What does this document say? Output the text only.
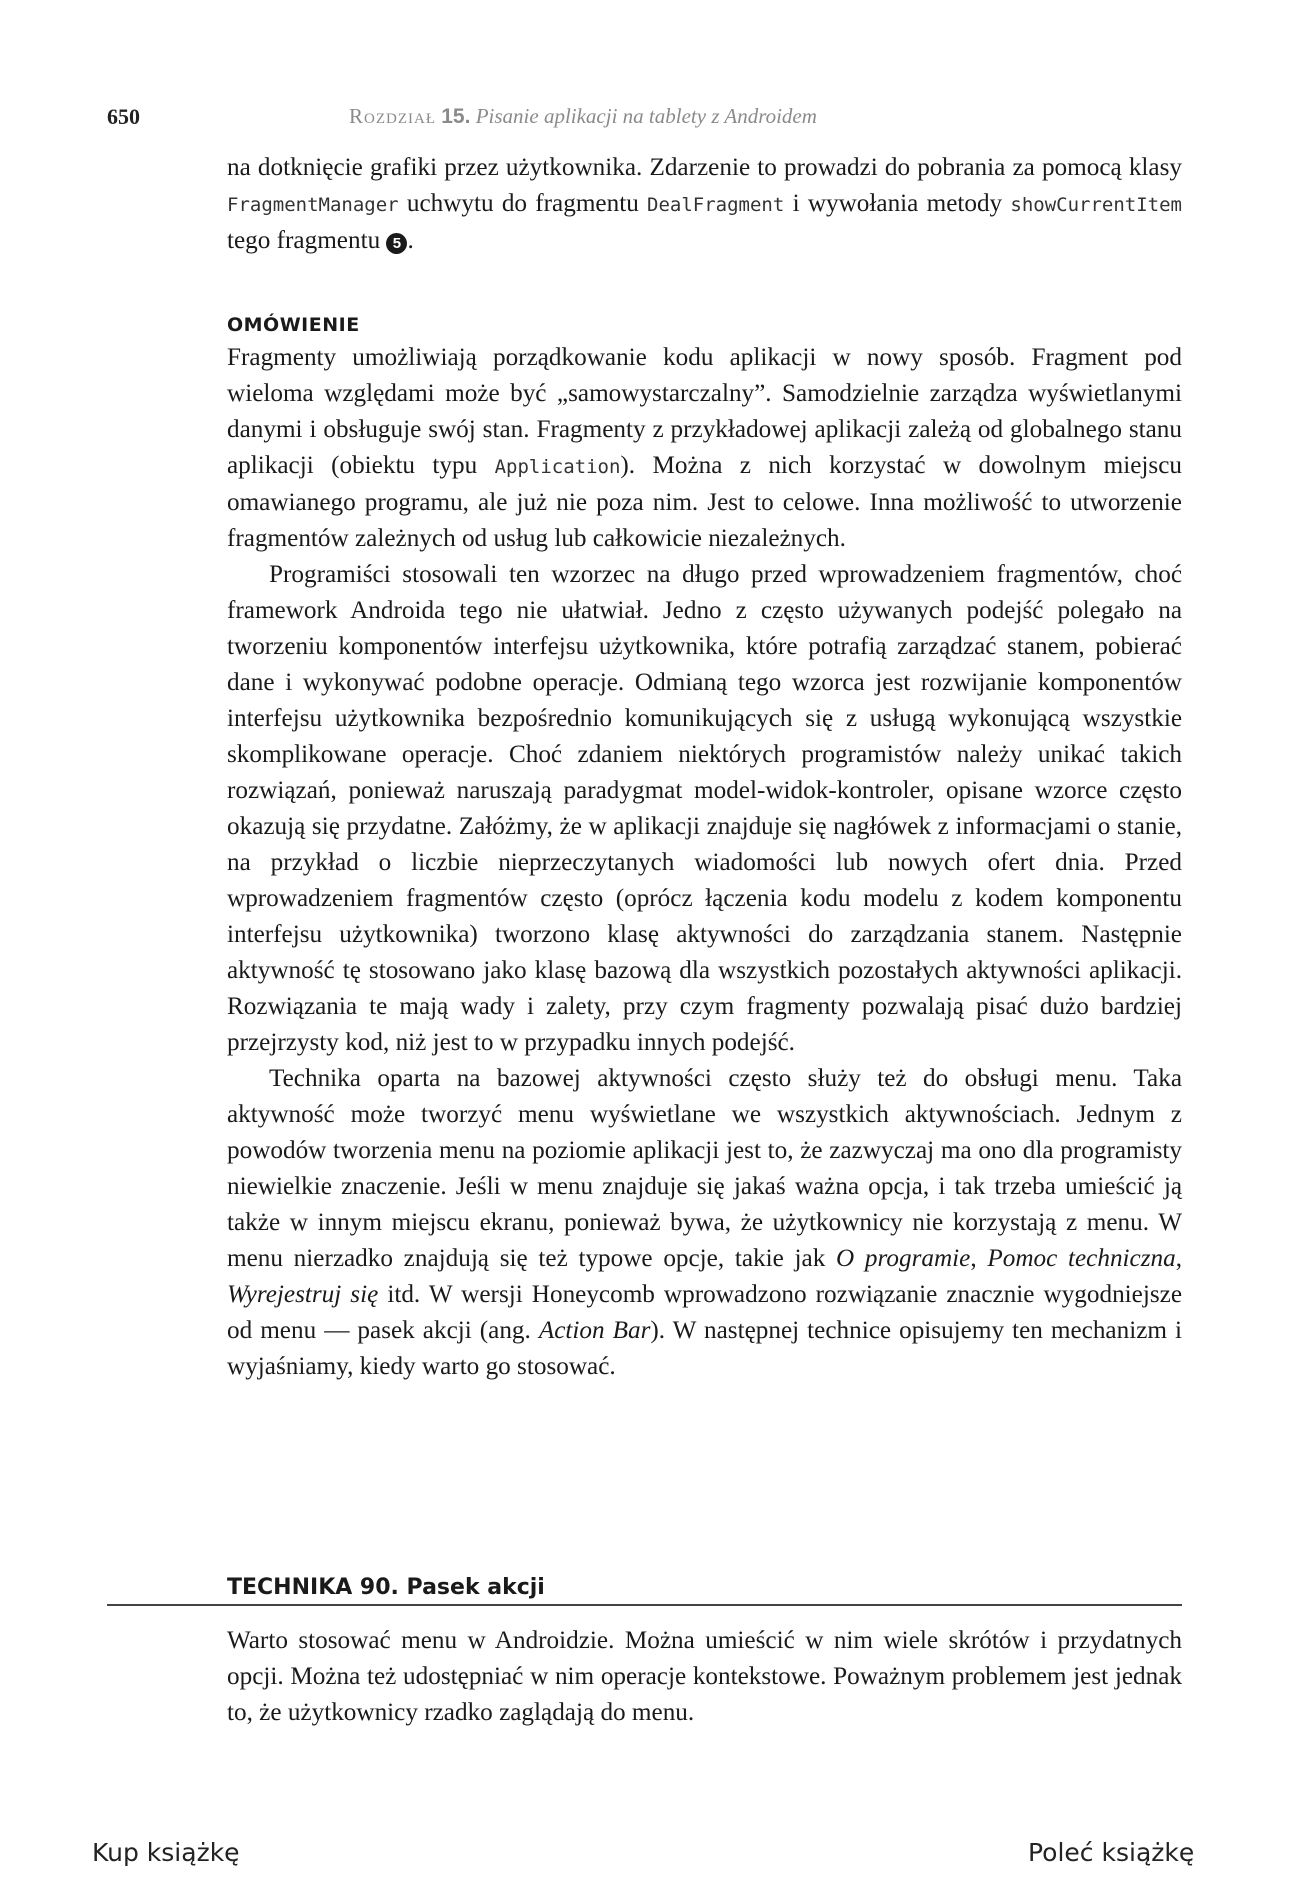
650	Rozdział 15. Pisanie aplikacji na tablety z Androidem

na dotknięcie grafiki przez użytkownika. Zdarzenie to prowadzi do pobrania za pomocą klasy FragmentManager uchwytu do fragmentu DealFragment i wywołania metody showCurrentItem tego fragmentu 5 .

OMÓWIENIE

Fragmenty umożliwiają porządkowanie kodu aplikacji w nowy sposób. Fragment pod wieloma względami może być „samowystarczalny”. Samodzielnie zarządza wyświetlanymi danymi i obsługuje swój stan. Fragmenty z przykładowej aplikacji zależą od globalnego stanu aplikacji (obiektu typu Application). Można z nich korzystać w dowolnym miejscu omawianego programu, ale już nie poza nim. Jest to celowe. Inna możliwość to utworzenie fragmentów zależnych od usług lub całkowicie niezależnych.

Programiści stosowali ten wzorzec na długo przed wprowadzeniem fragmentów, choć framework Androida tego nie ułatwiał. Jedno z często używanych podejść polegało na tworzeniu komponentów interfejsu użytkownika, które potrafią zarządzać stanem, pobierać dane i wykonywać podobne operacje. Odmianą tego wzorca jest rozwijanie komponentów interfejsu użytkownika bezpośrednio komunikujących się z usługą wykonującą wszystkie skomplikowane operacje. Choć zdaniem niektórych programistów należy unikać takich rozwiązań, ponieważ naruszają paradygmat model-widok-kontroler, opisane wzorce często okazują się przydatne. Załóżmy, że w aplikacji znajduje się nagłówek z informacjami o stanie, na przykład o liczbie nieprzeczytanych wiadomości lub nowych ofert dnia. Przed wprowadzeniem fragmentów często (oprócz łączenia kodu modelu z kodem komponentu interfejsu użytkownika) tworzono klasę aktywności do zarządzania stanem. Następnie aktywność tę stosowano jako klasę bazową dla wszystkich pozostałych aktywności aplikacji. Rozwiązania te mają wady i zalety, przy czym fragmenty pozwalają pisać dużo bardziej przejrzysty kod, niż jest to w przypadku innych podejść.

Technika oparta na bazowej aktywności często służy też do obsługi menu. Taka aktywność może tworzyć menu wyświetlane we wszystkich aktywnościach. Jednym z powodów tworzenia menu na poziomie aplikacji jest to, że zazwyczaj ma ono dla programisty niewielkie znaczenie. Jeśli w menu znajduje się jakaś ważna opcja, i tak trzeba umieścić ją także w innym miejscu ekranu, ponieważ bywa, że użytkownicy nie korzystają z menu. W menu nierzadko znajdują się też typowe opcje, takie jak O programie, Pomoc techniczna, Wyrejestruj się itd. W wersji Honeycomb wprowadzono rozwiązanie znacznie wygodniejsze od menu — pasek akcji (ang. Action Bar). W następnej technice opisujemy ten mechanizm i wyjaśniamy, kiedy warto go stosować.

TECHNIKA 90. Pasek akcji

Warto stosować menu w Androidzie. Można umieścić w nim wiele skrótów i przydatnych opcji. Można też udostępniać w nim operacje kontekstowe. Poważnym problemem jest jednak to, że użytkownicy rzadko zaglądają do menu.

Kup książkę	Poleć książkę
